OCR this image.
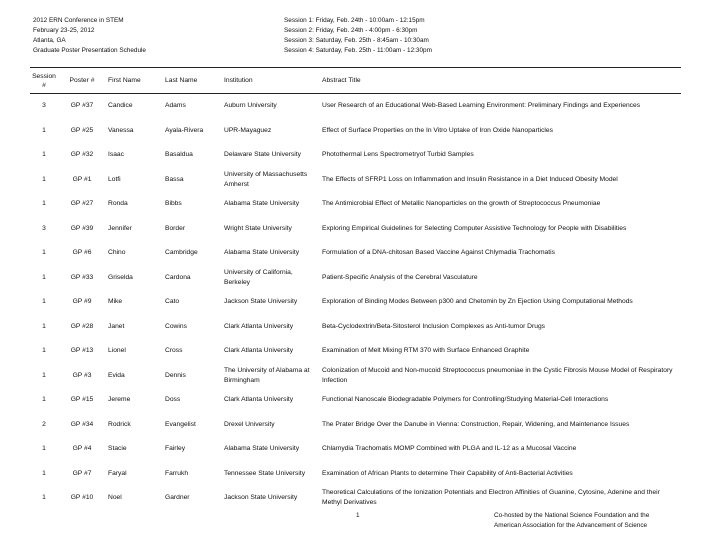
2012 ERN Conference in STEM
February 23-25, 2012
Atlanta, GA
Graduate Poster Presentation Schedule
Session 1: Friday, Feb. 24th - 10:00am - 12:15pm
Session 2: Friday, Feb. 24th - 4:00pm - 6:30pm
Session 3: Saturday, Feb. 25th - 8:45am - 10:30am
Session 4: Saturday, Feb. 25th - 11:00am - 12:30pm
Session
#	Poster #	First Name	Last Name	Institution	Abstract Title
3	GP #37	Candice	Adams	Auburn University	User Research of an Educational Web-Based Learning Environment: Preliminary Findings and Experiences
1	GP #25	Vanessa	Ayala-Rivera	UPR-Mayaguez	Effect of Surface Properties on the In Vitro Uptake of Iron Oxide Nanoparticles
1	GP #32	Isaac	Basaldua	Delaware State University	Photothermal Lens Spectrometryof Turbid Samples
1	GP #1	Lotfi	Bassa	University of Massachusetts Amherst	The Effects of SFRP1 Loss on Inflammation and Insulin Resistance in a Diet Induced Obesity Model
1	GP #27	Ronda	Bibbs	Alabama State University	The Antimicrobial Effect of Metallic Nanoparticles on the growth of Streptococcus Pneumoniae
3	GP #39	Jennifer	Border	Wright State University	Exploring Empirical Guidelines for Selecting Computer Assistive Technology for People with Disabilities
1	GP #6	Chino	Cambridge	Alabama State University	Formulation of a DNA-chitosan Based Vaccine Against Chlymadia Trachomatis
1	GP #33	Griselda	Cardona	University of California, Berkeley	Patient-Specific Analysis of the Cerebral Vasculature
1	GP #9	Mike	Cato	Jackson State University	Exploration of Binding Modes Between p300 and Chetomin by Zn Ejection Using Computational Methods
1	GP #28	Janet	Cowins	Clark Atlanta University	Beta-Cyclodextrin/Beta-Sitosterol Inclusion Complexes as Anti-tumor Drugs
1	GP #13	Lionel	Cross	Clark Atlanta University	Examination of Melt Mixing RTM 370 with Surface Enhanced Graphite
1	GP #3	Evida	Dennis	The University of Alabama at Birmingham	Colonization of Mucoid and Non-mucoid Streptococcus pneumoniae in the Cystic Fibrosis Mouse Model of Respiratory Infection
1	GP #15	Jereme	Doss	Clark Atlanta University	Functional Nanoscale Biodegradable Polymers for Controlling/Studying Material-Cell Interactions
2	GP #34	Rodrick	Evangelist	Drexel University	The Prater Bridge Over the Danube in Vienna: Construction, Repair, Widening, and Maintenance Issues
1	GP #4	Stacie	Fairley	Alabama State University	Chlamydia Trachomatis MOMP Combined with PLGA and IL-12 as a Mucosal Vaccine
1	GP #7	Faryal	Farrukh	Tennessee State University	Examination of African Plants to determine Their Capability of Anti-Bacterial Activities
1	GP #10	Noel	Gardner	Jackson State University	Theoretical Calculations of the Ionization Potentials and Electron Affinities of Guanine, Cytosine, Adenine and their Methyl Derivatives
1	Co-hosted by the National Science Foundation and the
American Association for the Advancement of Science
